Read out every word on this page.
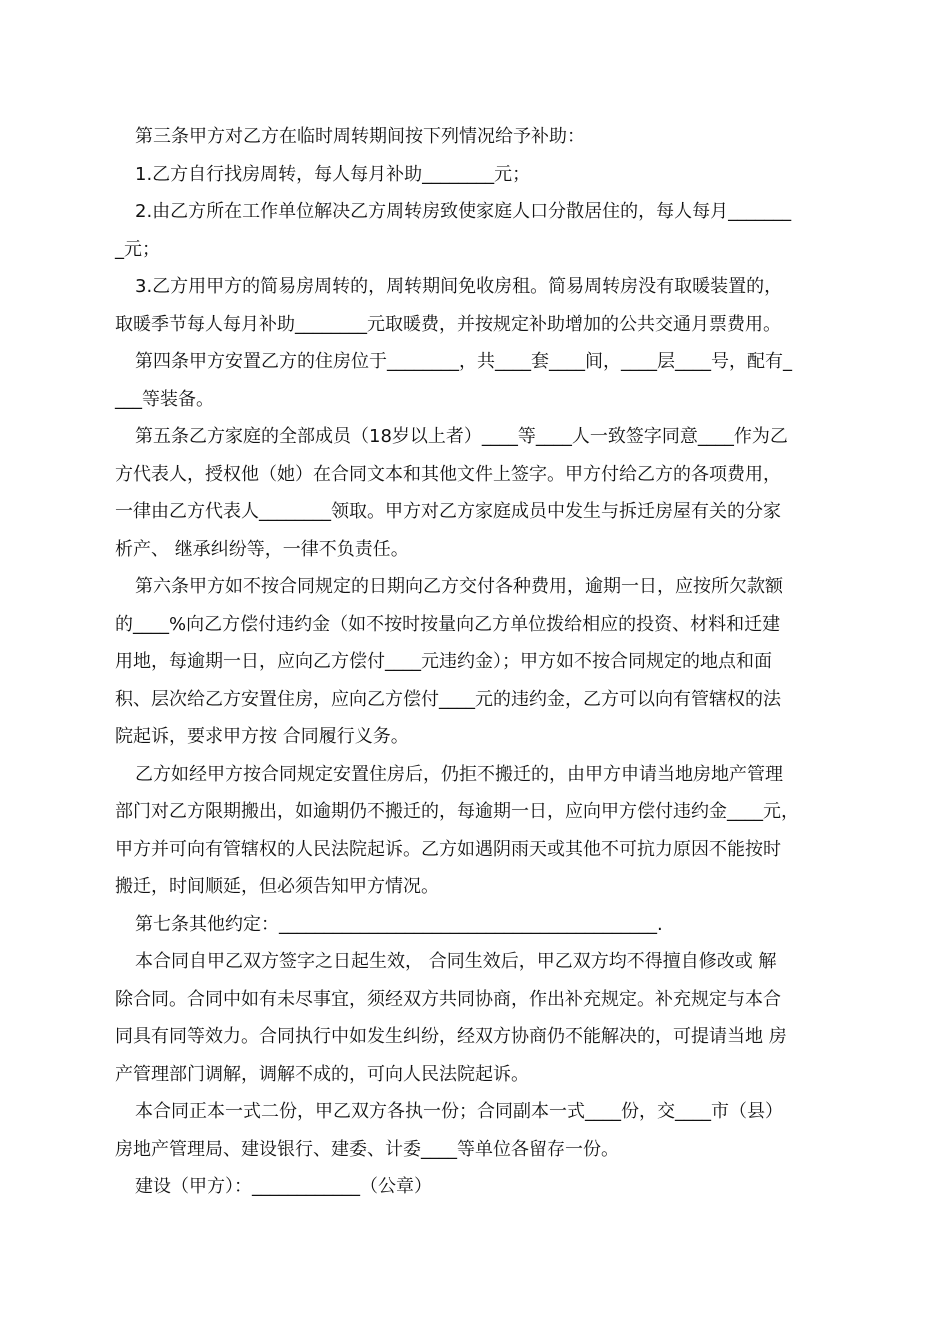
第三条甲方对乙方在临时周转期间按下列情况给予补助：
1.乙方自行找房周转，每人每月补助________元；
2.由乙方所在工作单位解决乙方周转房致使家庭人口分散居住的，每人每月_______
_元；
3.乙方用甲方的简易房周转的，周转期间免收房租。简易周转房没有取暖装置的，
取暖季节每人每月补助________元取暖费，并按规定补助增加的公共交通月票费用。
第四条甲方安置乙方的住房位于________，共____套____间，____层____号，配有_
___等装备。
第五条乙方家庭的全部成员（18岁以上者）____等____人一致签字同意____作为乙
方代表人，授权他（她）在合同文本和其他文件上签字。甲方付给乙方的各项费用，
一律由乙方代表人________领取。甲方对乙方家庭成员中发生与拆迁房屋有关的分家
析产、 继承纠纷等，一律不负责任。
第六条甲方如不按合同规定的日期向乙方交付各种费用，逾期一日，应按所欠款额
的____%向乙方偿付违约金（如不按时按量向乙方单位拨给相应的投资、材料和迁建
用地，每逾期一日，应向乙方偿付____元违约金）；甲方如不按合同规定的地点和面
积、层次给乙方安置住房，应向乙方偿付____元的违约金，乙方可以向有管辖权的法
院起诉，要求甲方按 合同履行义务。
乙方如经甲方按合同规定安置住房后，仍拒不搬迁的，由甲方申请当地房地产管理
部门对乙方限期搬出，如逾期仍不搬迁的，每逾期一日，应向甲方偿付违约金____元，
甲方并可向有管辖权的人民法院起诉。乙方如遇阴雨天或其他不可抗力原因不能按时
搬迁，时间顺延，但必须告知甲方情况。
第七条其他约定：__________________________________________.
本合同自甲乙双方签字之日起生效， 合同生效后，甲乙双方均不得擅自修改或 解
除合同。合同中如有未尽事宜，须经双方共同协商，作出补充规定。补充规定与本合
同具有同等效力。合同执行中如发生纠纷，经双方协商仍不能解决的，可提请当地 房
产管理部门调解，调解不成的，可向人民法院起诉。
本合同正本一式二份，甲乙双方各执一份；合同副本一式____份，交____市（县）
房地产管理局、建设银行、建委、计委____等单位各留存一份。
建设（甲方）：____________（公章）
